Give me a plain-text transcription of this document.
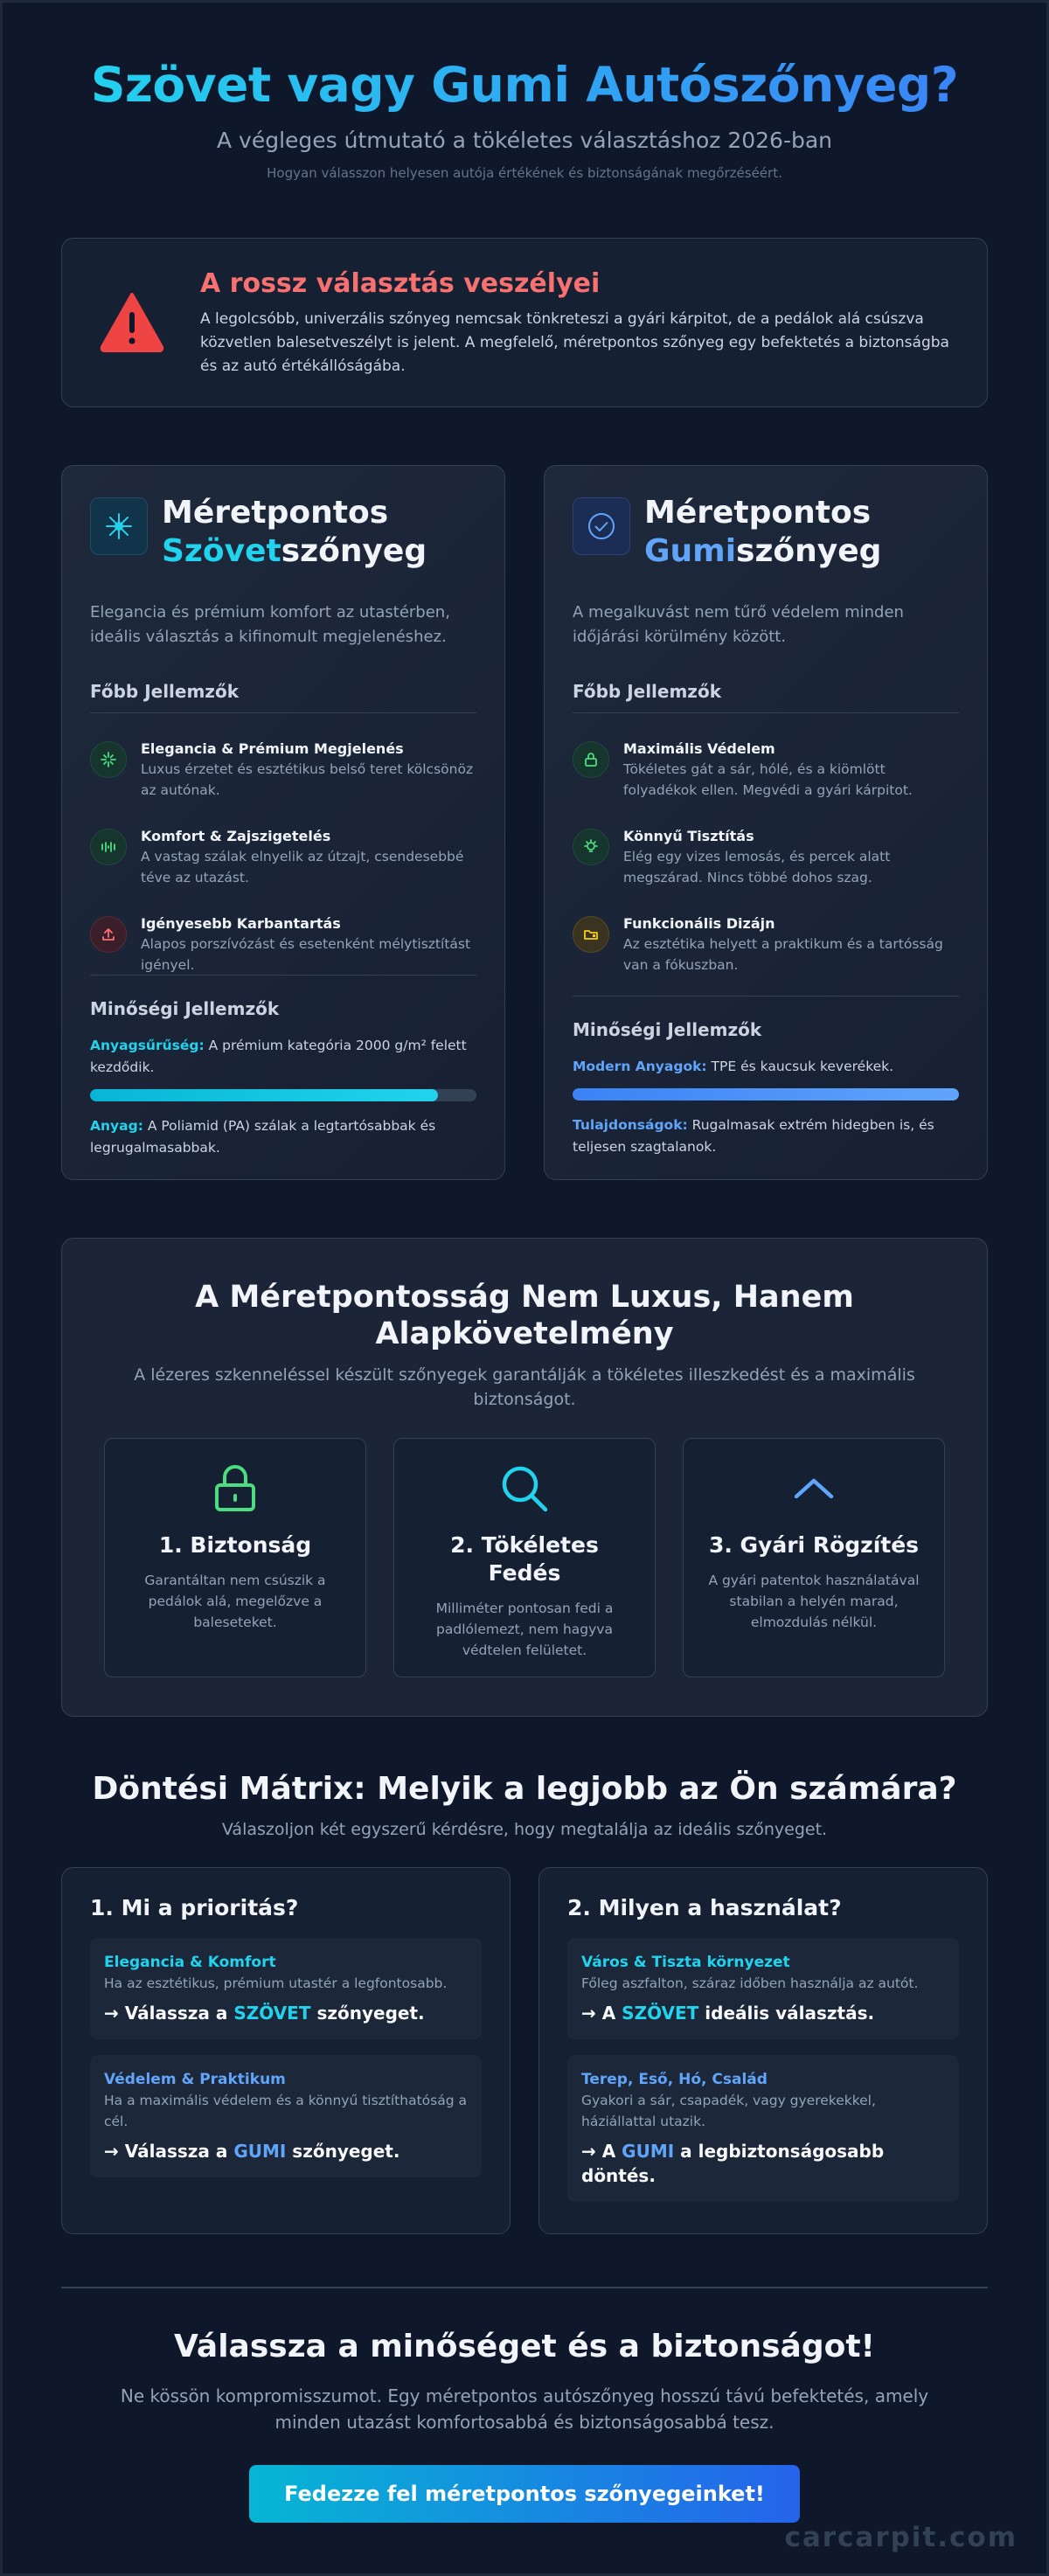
Szövet vagy Gumi Autószőnyeg?
A végleges útmutató a tökéletes választáshoz 2026-ban
Hogyan válasszon helyesen autója értékének és biztonságának megőrzéséért.
A rossz választás veszélyei

A legolcsóbb, univerzális szőnyeg nemcsak tönkreteszi a gyári kárpitot, de a pedálok alá csúszva közvetlen balesetveszélyt is jelent. A megfelelő, méretpontos szőnyeg egy befektetés a biztonságba és az autó értékállóságába.

Méretpontos
Szövetszőnyeg

Elegancia és prémium komfort az utastérben, ideális választás a kifinomult megjelenéshez.

Főbb Jellemzők
Elegancia & Prémium Megjelenés
Luxus érzetet és esztétikus belső teret kölcsönöz az autónak.
Komfort & Zajszigetelés
A vastag szálak elnyelik az útzajt, csendesebbé téve az utazást.
Igényesebb Karbantartás
Alapos porszívózást és esetenként mélytisztítást igényel.
Minőségi Jellemzők

Anyagsűrűség: A prémium kategória 2000 g/m² felett kezdődik.

Anyag: A Poliamid (PA) szálak a legtartósabbak és legrugalmasabbak.

Méretpontos
Gumiszőnyeg

A megalkuvást nem tűrő védelem minden időjárási körülmény között.

Főbb Jellemzők
Maximális Védelem
Tökéletes gát a sár, hólé, és a kiömlött folyadékok ellen. Megvédi a gyári kárpitot.
Könnyű Tisztítás
Elég egy vizes lemosás, és percek alatt megszárad. Nincs többé dohos szag.
Funkcionális Dizájn
Az esztétika helyett a praktikum és a tartósság van a fókuszban.
Minőségi Jellemzők

Modern Anyagok: TPE és kaucsuk keverékek.

Tulajdonságok: Rugalmasak extrém hidegben is, és teljesen szagtalanok.

A Méretpontosság Nem Luxus, Hanem Alapkövetelmény

A lézeres szkenneléssel készült szőnyegek garantálják a tökéletes illeszkedést és a maximális biztonságot.

1. Biztonság

Garantáltan nem csúszik a pedálok alá, megelőzve a baleseteket.

2. Tökéletes Fedés

Milliméter pontosan fedi a padlólemezt, nem hagyva védtelen felületet.

3. Gyári Rögzítés

A gyári patentok használatával stabilan a helyén marad, elmozdulás nélkül.

Döntési Mátrix: Melyik a legjobb az Ön számára?

Válaszoljon két egyszerű kérdésre, hogy megtalálja az ideális szőnyeget.

1. Mi a prioritás?
Elegancia & Komfort
Ha az esztétikus, prémium utastér a legfontosabb.
→ Válassza a SZÖVET szőnyeget.
Védelem & Praktikum
Ha a maximális védelem és a könnyű tisztíthatóság a cél.
→ Válassza a GUMI szőnyeget.
2. Milyen a használat?
Város & Tiszta környezet
Főleg aszfalton, száraz időben használja az autót.
→ A SZÖVET ideális választás.
Terep, Eső, Hó, Család
Gyakori a sár, csapadék, vagy gyerekekkel, háziállattal utazik.
→ A GUMI a legbiztonságosabb döntés.
Válassza a minőséget és a biztonságot!

Ne kössön kompromisszumot. Egy méretpontos autószőnyeg hosszú távú befektetés, amely minden utazást komfortosabbá és biztonságosabbá tesz.

Fedezze fel méretpontos szőnyegeinket!
carcarpit.com
